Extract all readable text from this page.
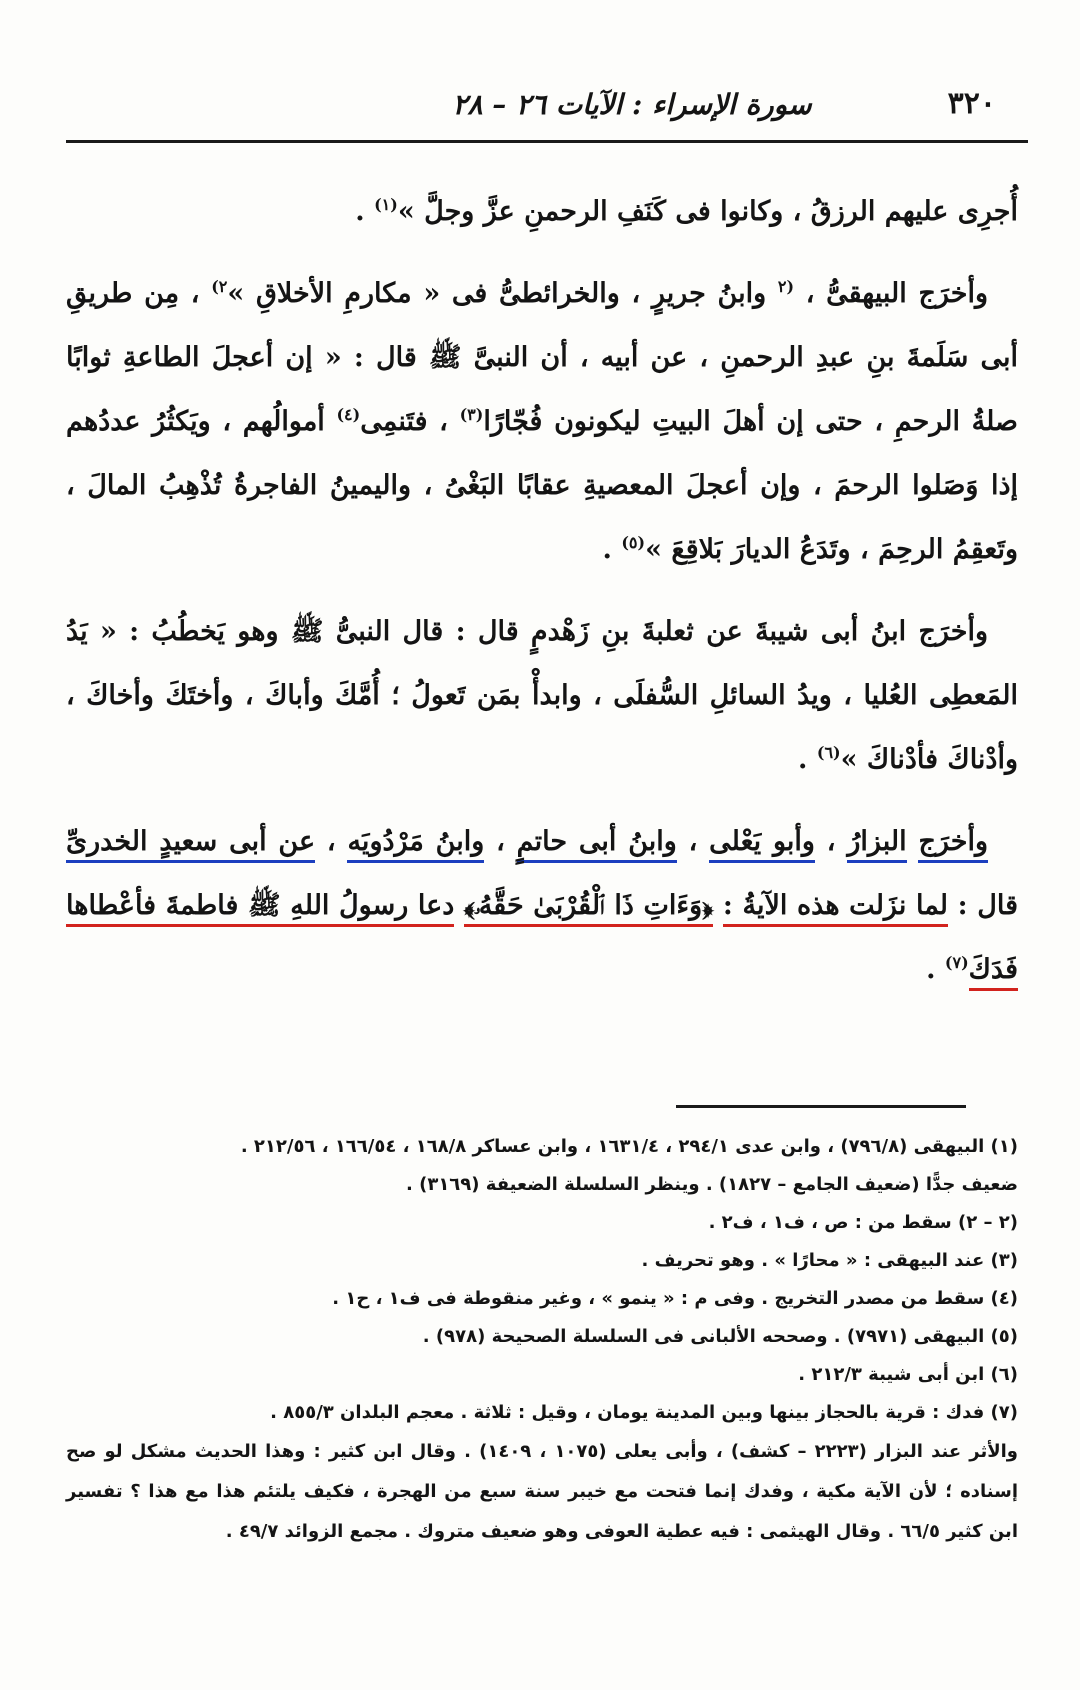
٣٢٠
سورة الإسراء : الآيات ٢٦ – ٢٨

أُجرِى عليهم الرزقُ ، وكانوا فى كَنَفِ الرحمنِ عزَّ وجلَّ »$^{(١)}$ .

وأخرَج البيهقىُّ ، $^{(٢}$ وابنُ جريرٍ ، والخرائطىُّ فى « مكارمِ الأخلاقِ »$^{٢)}$ ، مِن طريقِ أبى سَلَمةَ بنِ عبدِ الرحمنِ ، عن أبيه ، أن النبىَّ ﷺ قال : « إن أعجلَ الطاعةِ ثوابًا صلةُ الرحمِ ، حتى إن أهلَ البيتِ ليكونون فُجّارًا$^{(٣)}$ ، فتَنمِى$^{(٤)}$ أموالُهم ، ويَكثُرُ عددُهم إذا وَصَلوا الرحمَ ، وإن أعجلَ المعصيةِ عقابًا البَغْىُ ، واليمينُ الفاجرةُ تُذْهِبُ المالَ ، وتَعقِمُ الرحِمَ ، وتَدَعُ الديارَ بَلاقِعَ »$^{(٥)}$ .

وأخرَج ابنُ أبى شيبةَ عن ثعلبةَ بنِ زَهْدمٍ قال : قال النبىُّ ﷺ وهو يَخطُبُ : « يَدُ المَعطِى العُليا ، ويدُ السائلِ السُّفلَى ، وابدأْ بمَن تَعولُ ؛ أُمَّكَ وأباكَ ، وأختَكَ وأخاكَ ، وأدْناكَ فأدْناكَ »$^{(٦)}$ .

وأخرَج البزارُ ، وأبو يَعْلى ، وابنُ أبى حاتمٍ ، وابنُ مَرْدُويَه ، عن أبى سعيدٍ الخدرىِّ قال : لما نزَلت هذه الآيةُ : ﴿وَءَاتِ ذَا ٱلْقُرْبَىٰ حَقَّهُۥ﴾ دعا رسولُ اللهِ ﷺ فاطمةَ فأعْطاها فَدَكَ$^{(٧)}$ .

(١) البيهقى (٧٩٦/٨) ، وابن عدى ٢٩٤/١ ، ١٦٣١/٤ ، وابن عساكر ١٦٨/٨ ، ١٦٦/٥٤ ، ٢١٢/٥٦ .

ضعيف جدًّا (ضعيف الجامع – ١٨٢٧) . وينظر السلسلة الضعيفة (٣١٦٩) .

(٢ – ٢) سقط من : ص ، ف١ ، ف٢ .

(٣) عند البيهقى : « محارًا » . وهو تحريف .

(٤) سقط من مصدر التخريج . وفى م : « ينمو » ، وغير منقوطة فى ف١ ، ح١ .

(٥) البيهقى (٧٩٧١) . وصححه الألبانى فى السلسلة الصحيحة (٩٧٨) .

(٦) ابن أبى شيبة ٢١٢/٣ .

(٧) فدك : قرية بالحجاز بينها وبين المدينة يومان ، وقيل : ثلاثة . معجم البلدان ٨٥٥/٣ .

والأثر عند البزار (٢٢٢٣ – كشف) ، وأبى يعلى (١٠٧٥ ، ١٤٠٩) . وقال ابن كثير : وهذا الحديث مشكل لو صح إسناده ؛ لأن الآية مكية ، وفدك إنما فتحت مع خيبر سنة سبع من الهجرة ، فكيف يلتئم هذا مع هذا ؟ تفسير ابن كثير ٦٦/٥ . وقال الهيثمى : فيه عطية العوفى وهو ضعيف متروك . مجمع الزوائد ٤٩/٧ .
